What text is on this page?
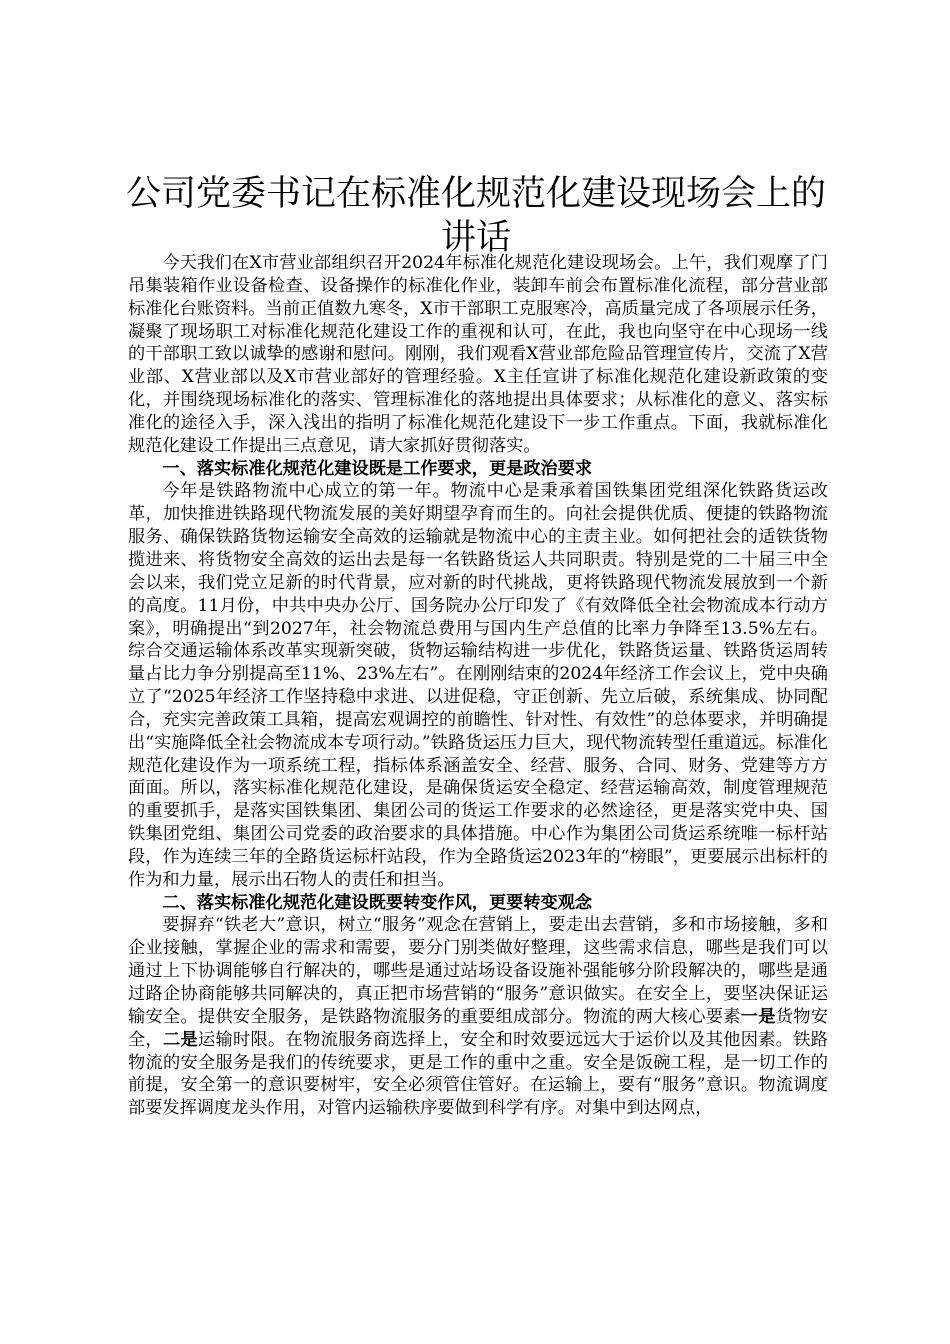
公司党委书记在标准化规范化建设现场会上的讲话

今天我们在X市营业部组织召开2024年标准化规范化建设现场会。上午，我们观摩了门吊集装箱作业设备检查、设备操作的标准化作业，装卸车前会布置标准化流程，部分营业部标准化台账资料。当前正值数九寒冬，X市干部职工克服寒冷，高质量完成了各项展示任务，凝聚了现场职工对标准化规范化建设工作的重视和认可，在此，我也向坚守在中心现场一线的干部职工致以诚挚的感谢和慰问。刚刚，我们观看X营业部危险品管理宣传片，交流了X营业部、X营业部以及X市营业部好的管理经验。X主任宣讲了标准化规范化建设新政策的变化，并围绕现场标准化的落实、管理标准化的落地提出具体要求；从标准化的意义、落实标准化的途径入手，深入浅出的指明了标准化规范化建设下一步工作重点。下面，我就标准化规范化建设工作提出三点意见，请大家抓好贯彻落实。

一、落实标准化规范化建设既是工作要求，更是政治要求

今年是铁路物流中心成立的第一年。物流中心是秉承着国铁集团党组深化铁路货运改革，加快推进铁路现代物流发展的美好期望孕育而生的。向社会提供优质、便捷的铁路物流服务、确保铁路货物运输安全高效的运输就是物流中心的主责主业。如何把社会的适铁货物揽进来、将货物安全高效的运出去是每一名铁路货运人共同职责。特别是党的二十届三中全会以来，我们党立足新的时代背景，应对新的时代挑战，更将铁路现代物流发展放到一个新的高度。11月份，中共中央办公厅、国务院办公厅印发了《有效降低全社会物流成本行动方案》，明确提出“到2027年，社会物流总费用与国内生产总值的比率力争降至13.5%左右。综合交通运输体系改革实现新突破，货物运输结构进一步优化，铁路货运量、铁路货运周转量占比力争分别提高至11%、23%左右”。在刚刚结束的2024年经济工作会议上，党中央确立了“2025年经济工作坚持稳中求进、以进促稳，守正创新、先立后破，系统集成、协同配合，充实完善政策工具箱，提高宏观调控的前瞻性、针对性、有效性”的总体要求，并明确提出“实施降低全社会物流成本专项行动。”铁路货运压力巨大，现代物流转型任重道远。标准化规范化建设作为一项系统工程，指标体系涵盖安全、经营、服务、合同、财务、党建等方方面面。所以，落实标准化规范化建设，是确保货运安全稳定、经营运输高效，制度管理规范的重要抓手，是落实国铁集团、集团公司的货运工作要求的必然途径，更是落实党中央、国铁集团党组、集团公司党委的政治要求的具体措施。中心作为集团公司货运系统唯一标杆站段，作为连续三年的全路货运标杆站段，作为全路货运2023年的“榜眼”，更要展示出标杆的作为和力量，展示出石物人的责任和担当。

二、落实标准化规范化建设既要转变作风，更要转变观念

要摒弃“铁老大”意识，树立“服务”观念在营销上，要走出去营销，多和市场接触，多和企业接触，掌握企业的需求和需要，要分门别类做好整理，这些需求信息，哪些是我们可以通过上下协调能够自行解决的，哪些是通过站场设备设施补强能够分阶段解决的，哪些是通过路企协商能够共同解决的，真正把市场营销的“服务”意识做实。在安全上，要坚决保证运输安全。提供安全服务，是铁路物流服务的重要组成部分。物流的两大核心要素一是货物安全，二是运输时限。在物流服务商选择上，安全和时效要远远大于运价以及其他因素。铁路物流的安全服务是我们的传统要求，更是工作的重中之重。安全是饭碗工程，是一切工作的前提，安全第一的意识要树牢，安全必须管住管好。在运输上，要有“服务”意识。物流调度部要发挥调度龙头作用，对管内运输秩序要做到科学有序。对集中到达网点，
